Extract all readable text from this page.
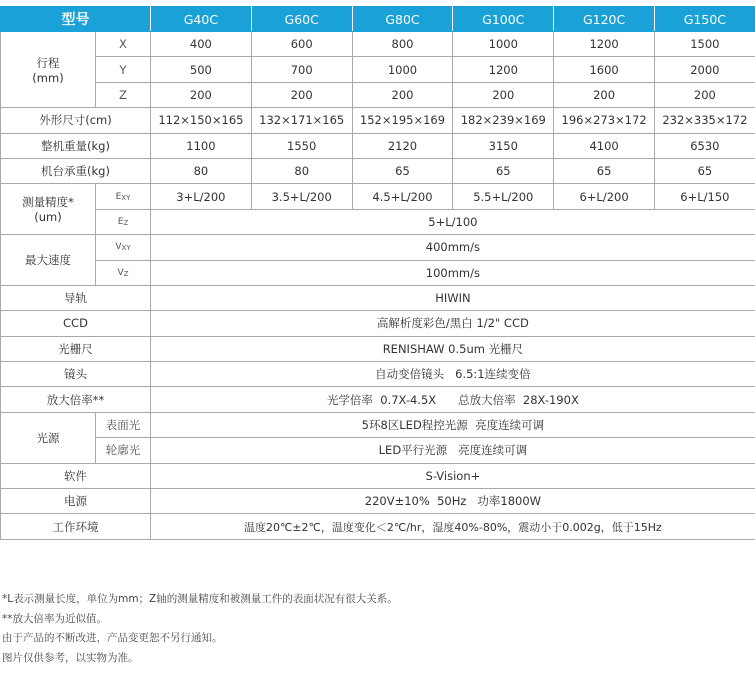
型号		G40C	G60C	G80C	G100C	G120C	G150C

行程
(mm)	X	400	600	800	1000	1200	1500
	Y	500	700	1000	1200	1600	2000
	Z	200	200	200	200	200	200
外形尺寸(cm)		112×150×165	132×171×165	152×195×169	182×239×169	196×273×172	232×335×172
整机重量(kg)		1100	1550	2120	3150	4100	6530
机台承重(kg)		80	80	65	65	65	65

测量精度*
(um)	$E_{XY}$	3+L/200	3.5+L/200	4.5+L/200	5.5+L/200	6+L/200	6+L/150
	$E_Z$	5+L/100					
最大速度	$V_{XY}$	400mm/s					
	$V_Z$	100mm/s					
导轨		HIWIN					
CCD		高解析度彩色/黑白 1/2" CCD					
光栅尺		RENISHAW 0.5um 光栅尺					
镜头		自动变倍镜头   6.5:1连续变倍					
放大倍率**		光学倍率  0.7X-4.5X      总放大倍率  28X-190X					
光源	表面光	5环8区LED程控光源  亮度连续可调					
	轮廓光	LED平行光源   亮度连续可调					
软件		S-Vision+					
电源		220V±10%  50Hz   功率1800W					
工作环境		温度20℃±2℃，温度变化＜2℃/hr，湿度40%-80%，震动小于0.002g，低于15Hz					
*L表示测量长度，单位为mm；Z轴的测量精度和被测量工件的表面状况有很大关系。
**放大倍率为近似值。
由于产品的不断改进，产品变更恕不另行通知。
图片仅供参考，以实物为准。
